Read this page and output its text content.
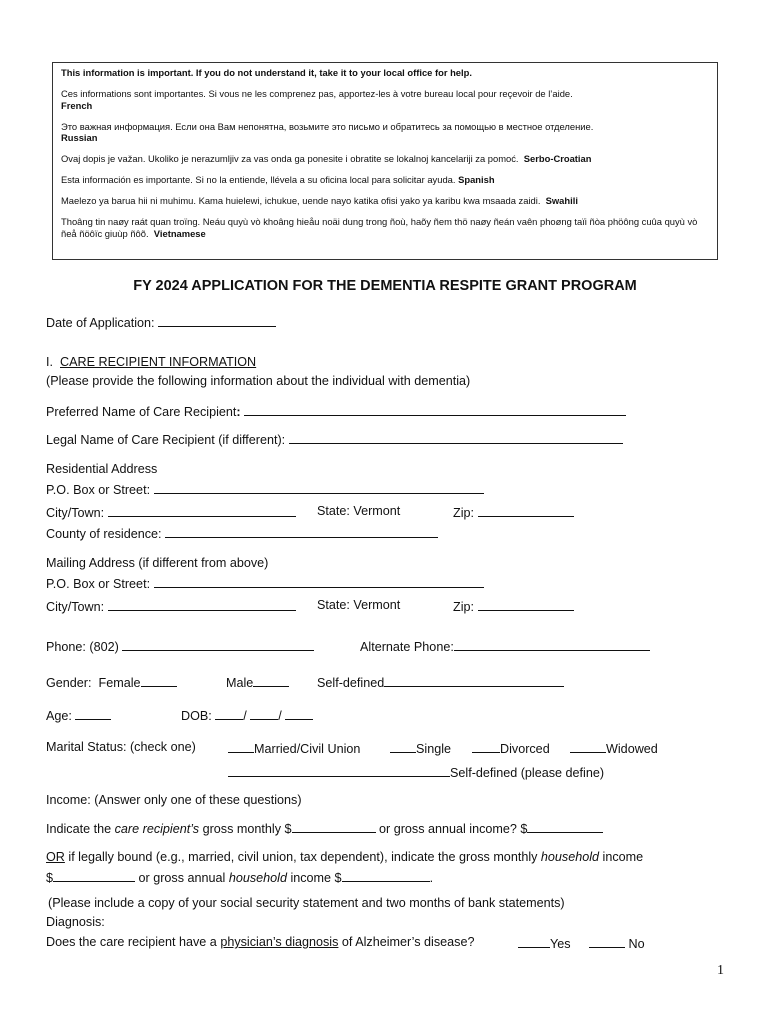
This information is important. If you do not understand it, take it to your local office for help.

Ces informations sont importantes. Si vous ne les comprenez pas, apportez-les à votre bureau local pour reçevoir de l’aide.
French

Это важная информация. Если она Вам непонятна, возьмите это письмо и обратитесь за помощью в местное отделение.
Russian

Ovaj dopis je važan. Ukoliko je nerazumljiv za vas onda ga ponesite i obratite se lokalnoj kancelariji za pomoć. Serbo-Croatian

Esta información es importante. Si no la entiende, llévela a su oficina local para solicitar ayuda. Spanish

Maelezo ya barua hii ni muhimu. Kama huielewi, ichukue, uende nayo katika ofisi yako ya karibu kwa msaada zaidi. Swahili

Thoâng tin naøy raát quan troïng. Neáu quyù vò khoâng hieåu noäi dung trong ñoù, haõy ñem thö naøy ñeán vaên phoøng taïi ñòa phöông cuûa quyù vò ñeå ñöôïc giuùp ñôõ. Vietnamese

FY 2024 APPLICATION FOR THE DEMENTIA RESPITE GRANT PROGRAM
Date of Application:
I. CARE RECIPIENT INFORMATION
(Please provide the following information about the individual with dementia)
Preferred Name of Care Recipient:
Legal Name of Care Recipient (if different):
Residential Address
P.O. Box or Street:
City/Town:	State: Vermont	Zip:
County of residence:
Mailing Address (if different from above)
P.O. Box or Street:
City/Town:	State: Vermont	Zip:
Phone: (802)	Alternate Phone:
Gender: Female	Male	Self-defined
Age:	DOB:	/	/
Marital Status: (check one)	Married/Civil Union	Single	Divorced	Widowed
Self-defined (please define)
Income: (Answer only one of these questions)
Indicate the care recipient’s gross monthly $	or gross annual income? $
OR if legally bound (e.g., married, civil union, tax dependent), indicate the gross monthly household income
$	or gross annual household income $	.
(Please include a copy of your social security statement and two months of bank statements)
Diagnosis:
Does the care recipient have a physician’s diagnosis of Alzheimer’s disease?	Yes	No
1
